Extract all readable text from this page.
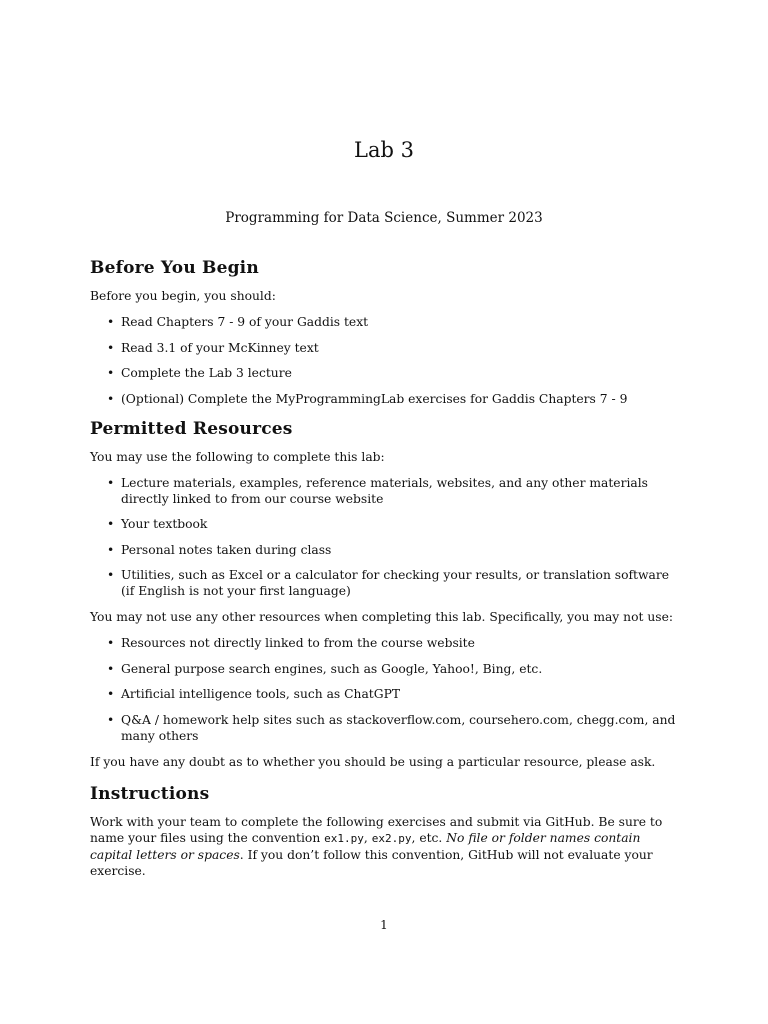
Lab 3
Programming for Data Science, Summer 2023
Before You Begin

Before you begin, you should:

• Read Chapters 7 - 9 of your Gaddis text
• Read 3.1 of your McKinney text
• Complete the Lab 3 lecture
• (Optional) Complete the MyProgrammingLab exercises for Gaddis Chapters 7 - 9
Permitted Resources

You may use the following to complete this lab:

• Lecture materials, examples, reference materials, websites, and any other materials directly linked to from our course website
• Your textbook
• Personal notes taken during class
• Utilities, such as Excel or a calculator for checking your results, or translation software (if English is not your first language)

You may not use any other resources when completing this lab. Specifically, you may not use:

• Resources not directly linked to from the course website
• General purpose search engines, such as Google, Yahoo!, Bing, etc.
• Artificial intelligence tools, such as ChatGPT
• Q&A / homework help sites such as stackoverflow.com, coursehero.com, chegg.com, and many others

If you have any doubt as to whether you should be using a particular resource, please ask.

Instructions

Work with your team to complete the following exercises and submit via GitHub. Be sure to name your files using the convention ex1.py, ex2.py, etc. No file or folder names contain capital letters or spaces. If you don’t follow this convention, GitHub will not evaluate your exercise.

1
